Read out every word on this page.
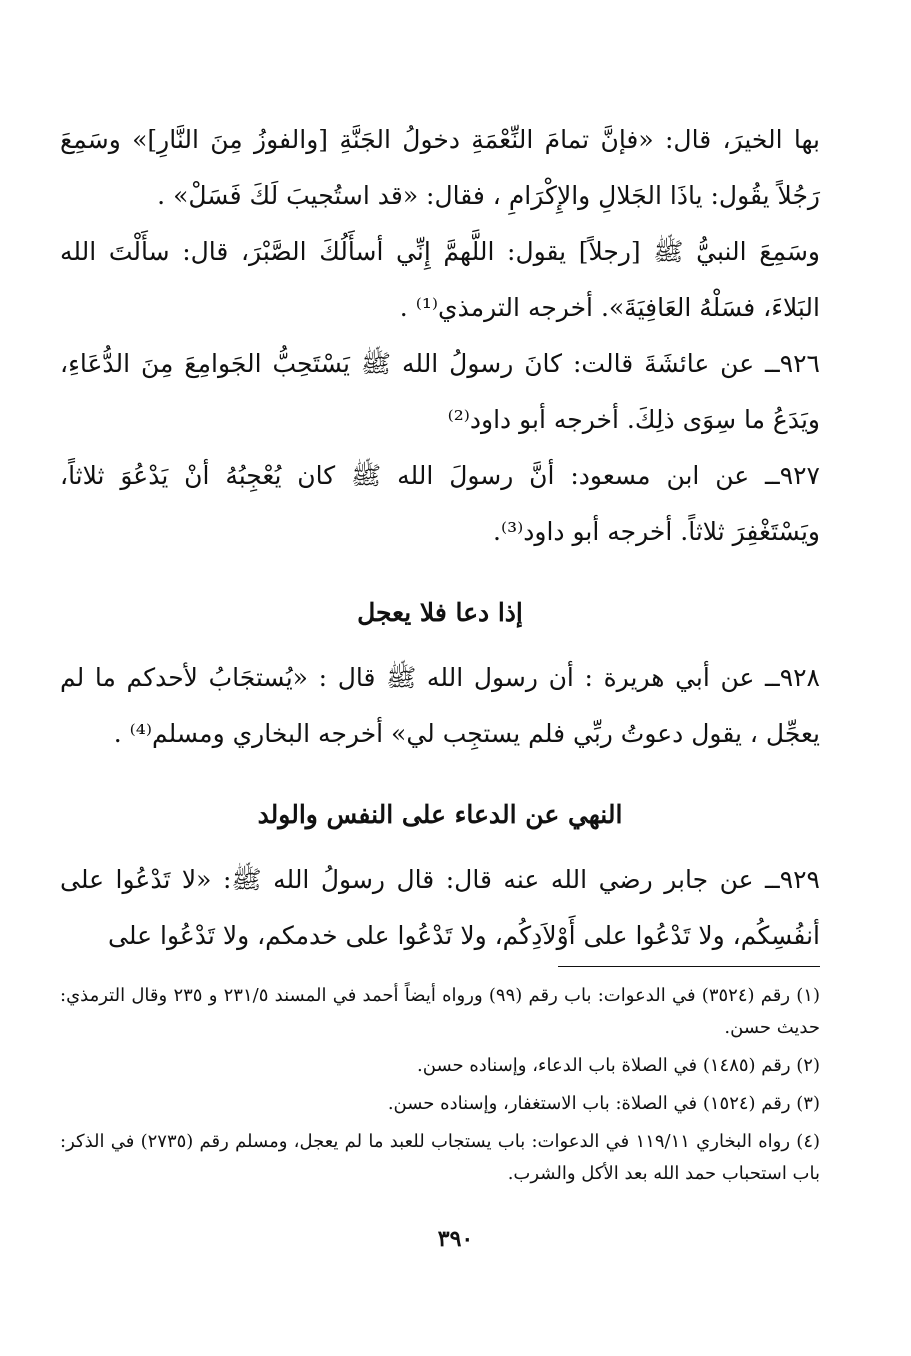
بها الخيرَ، قال: «فإنَّ تمامَ النِّعْمَةِ دخولُ الجَنَّةِ [والفوزُ مِنَ النَّارِ]» وسَمِعَ رَجُلاً يقُول: ياذَا الجَلالِ والإِكْرَامِ ، فقال: «قد استُجيبَ لَكَ فَسَلْ» .

وسَمِعَ النبيُّ ﷺ [رجلاً] يقول: اللَّهمَّ إِنِّي أسأَلُكَ الصَّبْرَ، قال: سأَلْتَ الله البَلاءَ، فسَلْهُ العَافِيَةَ». أخرجه الترمذي⁽¹⁾ .

٩٢٦ــ عن عائشَةَ قالت: كانَ رسولُ الله ﷺ يَسْتَحِبُّ الجَوامِعَ مِنَ الدُّعَاءِ، ويَدَعُ ما سِوَى ذلِكَ. أخرجه أبو داود⁽²⁾

٩٢٧ــ عن ابن مسعود: أنَّ رسولَ الله ﷺ كان يُعْجِبُهُ أنْ يَدْعُوَ ثلاثاً، ويَسْتَغْفِرَ ثلاثاً. أخرجه أبو داود⁽³⁾.

إذا دعا فلا يعجل

٩٢٨ــ عن أبي هريرة : أن رسول الله ﷺ قال : «يُستجَابُ لأحدكم ما لم يعجِّل ، يقول دعوتُ ربِّي فلم يستجِب لي» أخرجه البخاري ومسلم⁽⁴⁾ .

النهي عن الدعاء على النفس والولد

٩٢٩ــ عن جابر رضي الله عنه قال: قال رسولُ الله ﷺ: «لا تَدْعُوا على أنفُسِكُم، ولا تَدْعُوا على أَوْلاَدِكُم، ولا تَدْعُوا على خدمكم، ولا تَدْعُوا على

(١) رقم (٣٥٢٤) في الدعوات: باب رقم (٩٩) ورواه أيضاً أحمد في المسند ٢٣١/٥ و ٢٣٥ وقال الترمذي: حديث حسن.

(٢) رقم (١٤٨٥) في الصلاة باب الدعاء، وإسناده حسن.

(٣) رقم (١٥٢٤) في الصلاة: باب الاستغفار، وإسناده حسن.

(٤) رواه البخاري ١١٩/١١ في الدعوات: باب يستجاب للعبد ما لم يعجل، ومسلم رقم (٢٧٣٥) في الذكر: باب استحباب حمد الله بعد الأكل والشرب.

٣٩٠
